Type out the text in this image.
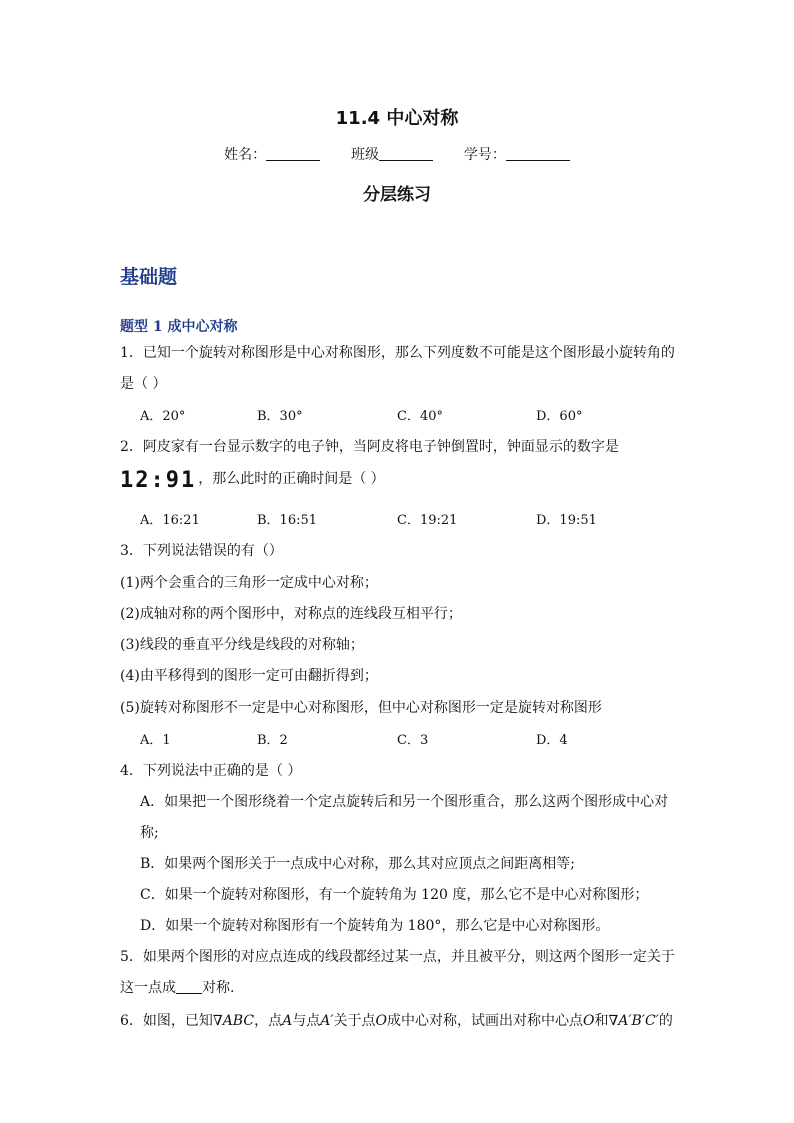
11.4 中心对称
姓名：	班级	学号：
分层练习
基础题
题型 1 成中心对称
1．已知一个旋转对称图形是中心对称图形，那么下列度数不可能是这个图形最小旋转角的
是（ ）
A．20°	B．30°	C．40°	D．60°
2．阿皮家有一台显示数字的电子钟，当阿皮将电子钟倒置时，钟面显示的数字是
12:91 ，那么此时的正确时间是（ ）
A．16:21	B．16:51	C．19:21	D．19:51
3．下列说法错误的有（）
(1)两个会重合的三角形一定成中心对称；
(2)成轴对称的两个图形中，对称点的连线段互相平行；
(3)线段的垂直平分线是线段的对称轴；
(4)由平移得到的图形一定可由翻折得到；
(5)旋转对称图形不一定是中心对称图形，但中心对称图形一定是旋转对称图形
A．1	B．2	C．3	D．4
4．下列说法中正确的是（ ）
A．如果把一个图形绕着一个定点旋转后和另一个图形重合，那么这两个图形成中心对
称;
B．如果两个图形关于一点成中心对称，那么其对应顶点之间距离相等;
C．如果一个旋转对称图形，有一个旋转角为 120 度，那么它不是中心对称图形；
D．如果一个旋转对称图形有一个旋转角为 180°，那么它是中心对称图形。
5．如果两个图形的对应点连成的线段都经过某一点，并且被平分，则这两个图形一定关于
这一点成 对称.
6．如图，已知∇ABC，点A与点A′关于点O成中心对称，试画出对称中心点O和∇A′B′C′的
